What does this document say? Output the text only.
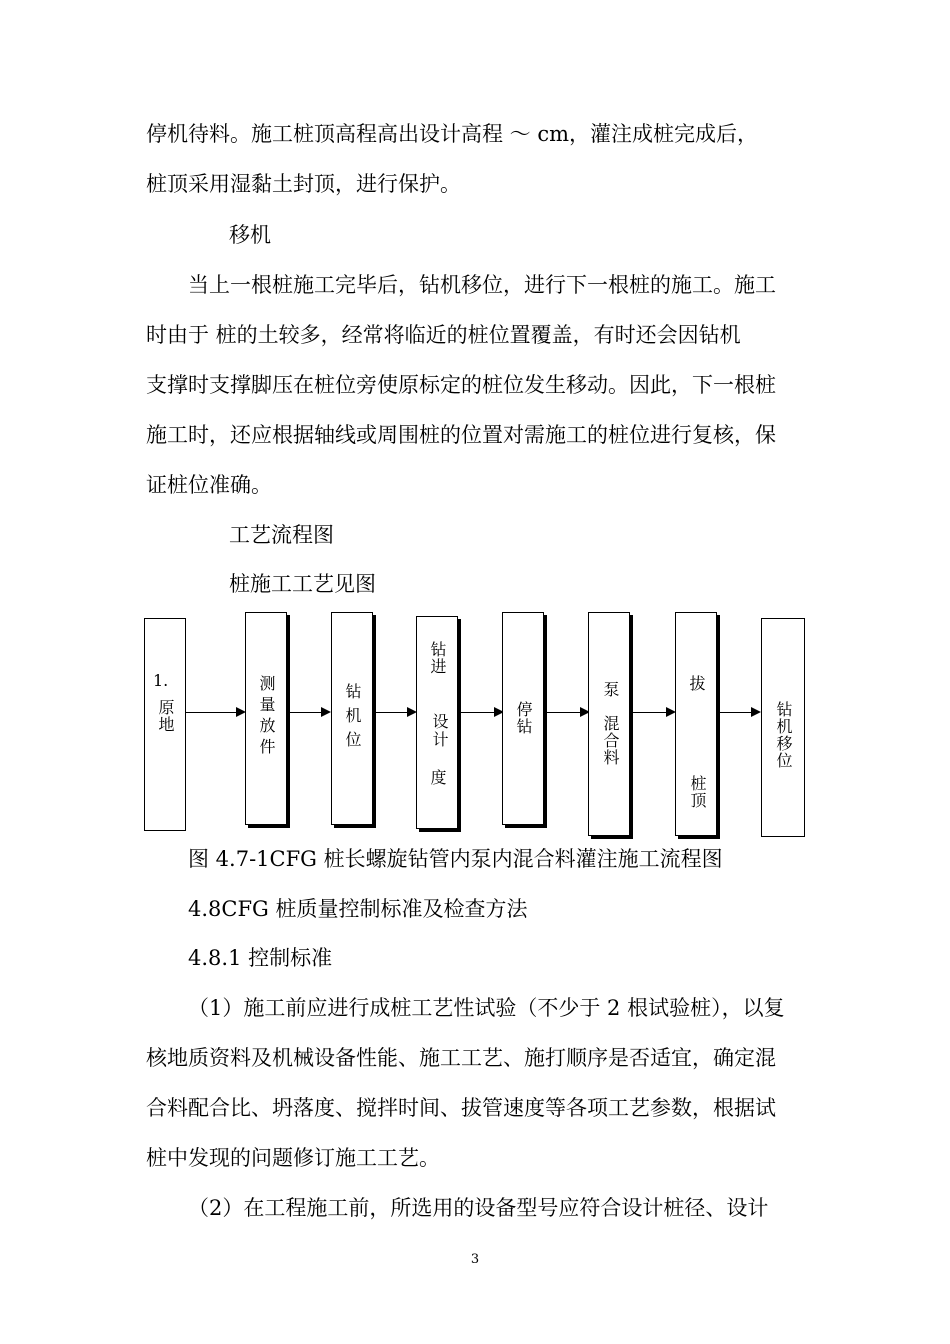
停机待料。施工桩顶高程高出设计高程 ～ cm，灌注成桩完成后，
桩顶采用湿黏土封顶，进行保护。
移机
当上一根桩施工完毕后，钻机移位，进行下一根桩的施工。施工
时由于 桩的土较多，经常将临近的桩位置覆盖，有时还会因钻机
支撑时支撑脚压在桩位旁使原标定的桩位发生移动。因此，下一根桩
施工时，还应根据轴线或周围桩的位置对需施工的桩位进行复核，保
证桩位准确。
工艺流程图
桩施工工艺见图
1.
原地	测量放件	钻机位
钻进
设计
度
停钻
泵
混合料
拔
桩顶
钻机移位
图 4.7-1CFG 桩长螺旋钻管内泵内混合料灌注施工流程图
4.8CFG 桩质量控制标准及检查方法
4.8.1 控制标准
（1）施工前应进行成桩工艺性试验（不少于 2 根试验桩），以复
核地质资料及机械设备性能、施工工艺、施打顺序是否适宜，确定混
合料配合比、坍落度、搅拌时间、拔管速度等各项工艺参数，根据试
桩中发现的问题修订施工工艺。
（2）在工程施工前，所选用的设备型号应符合设计桩径、设计
3
